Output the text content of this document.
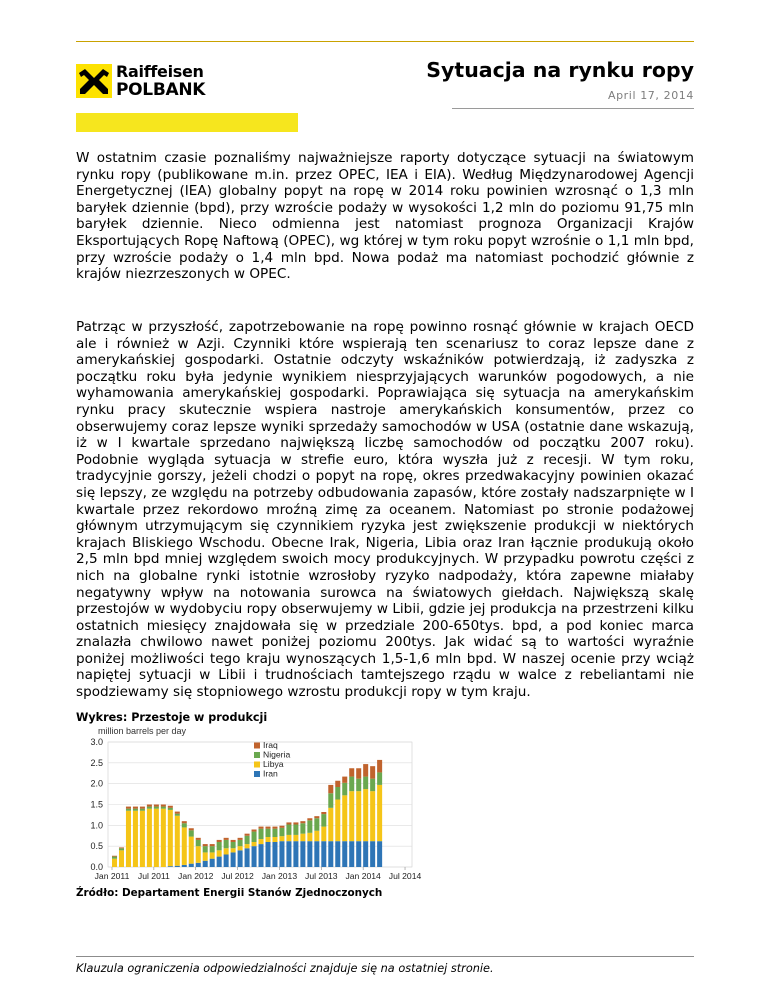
Raiffeisen
POLBANK
Sytuacja na rynku ropy
April 17, 2014

W ostatnim czasie poznaliśmy najważniejsze raporty dotyczące sytuacji na światowym rynku ropy (publikowane m.in. przez OPEC, IEA i EIA). Według Międzynarodowej Agencji Energetycznej (IEA) globalny popyt na ropę w 2014 roku powinien wzrosnąć o 1,3 mln baryłek dziennie (bpd), przy wzroście podaży w wysokości 1,2 mln do poziomu 91,75 mln baryłek dziennie. Nieco odmienna jest natomiast prognoza Organizacji Krajów Eksportujących Ropę Naftową (OPEC), wg której w tym roku popyt wzrośnie o 1,1 mln bpd, przy wzroście podaży o 1,4 mln bpd. Nowa podaż ma natomiast pochodzić głównie z krajów niezrzeszonych w OPEC.

Patrząc w przyszłość, zapotrzebowanie na ropę powinno rosnąć głównie w krajach OECD ale i również w Azji. Czynniki które wspierają ten scenariusz to coraz lepsze dane z amerykańskiej gospodarki. Ostatnie odczyty wskaźników potwierdzają, iż zadyszka z początku roku była jedynie wynikiem niesprzyjających warunków pogodowych, a nie wyhamowania amerykańskiej gospodarki. Poprawiająca się sytuacja na amerykańskim rynku pracy skutecznie wspiera nastroje amerykańskich konsumentów, przez co obserwujemy coraz lepsze wyniki sprzedaży samochodów w USA (ostatnie dane wskazują, iż w I kwartale sprzedano największą liczbę samochodów od początku 2007 roku). Podobnie wygląda sytuacja w strefie euro, która wyszła już z recesji. W tym roku, tradycyjnie gorszy, jeżeli chodzi o popyt na ropę, okres przedwakacyjny powinien okazać się lepszy, ze względu na potrzeby odbudowania zapasów, które zostały nadszarpnięte w I kwartale przez rekordowo mroźną zimę za oceanem. Natomiast po stronie podażowej głównym utrzymującym się czynnikiem ryzyka jest zwiększenie produkcji w niektórych krajach Bliskiego Wschodu. Obecne Irak, Nigeria, Libia oraz Iran łącznie produkują około 2,5 mln bpd mniej względem swoich mocy produkcyjnych. W przypadku powrotu części z nich na globalne rynki istotnie wzrosłoby ryzyko nadpodaży, która zapewne miałaby negatywny wpływ na notowania surowca na światowych giełdach. Największą skalę przestojów w wydobyciu ropy obserwujemy w Libii, gdzie jej produkcja na przestrzeni kilku ostatnich miesięcy znajdowała się w przedziale 200-650tys. bpd, a pod koniec marca znalazła chwilowo nawet poniżej poziomu 200tys. Jak widać są to wartości wyraźnie poniżej możliwości tego kraju wynoszących 1,5-1,6 mln bpd. W naszej ocenie przy wciąż napiętej sytuacji w Libii i trudnościach tamtejszego rządu w walce z rebeliantami nie spodziewamy się stopniowego wzrostu produkcji ropy w tym kraju.

Wykres: Przestoje w produkcji
million barrels per day
0.0
0.5
1.0
1.5
2.0
2.5
3.0
Jan 2011 Jul 2011 Jan 2012 Jul 2012 Jan 2013 Jul 2013 Jan 2014 Jul 2014
Iraq
Nigeria
Libya
Iran
Źródło: Departament Energii Stanów Zjednoczonych
Klauzula ograniczenia odpowiedzialności znajduje się na ostatniej stronie.
